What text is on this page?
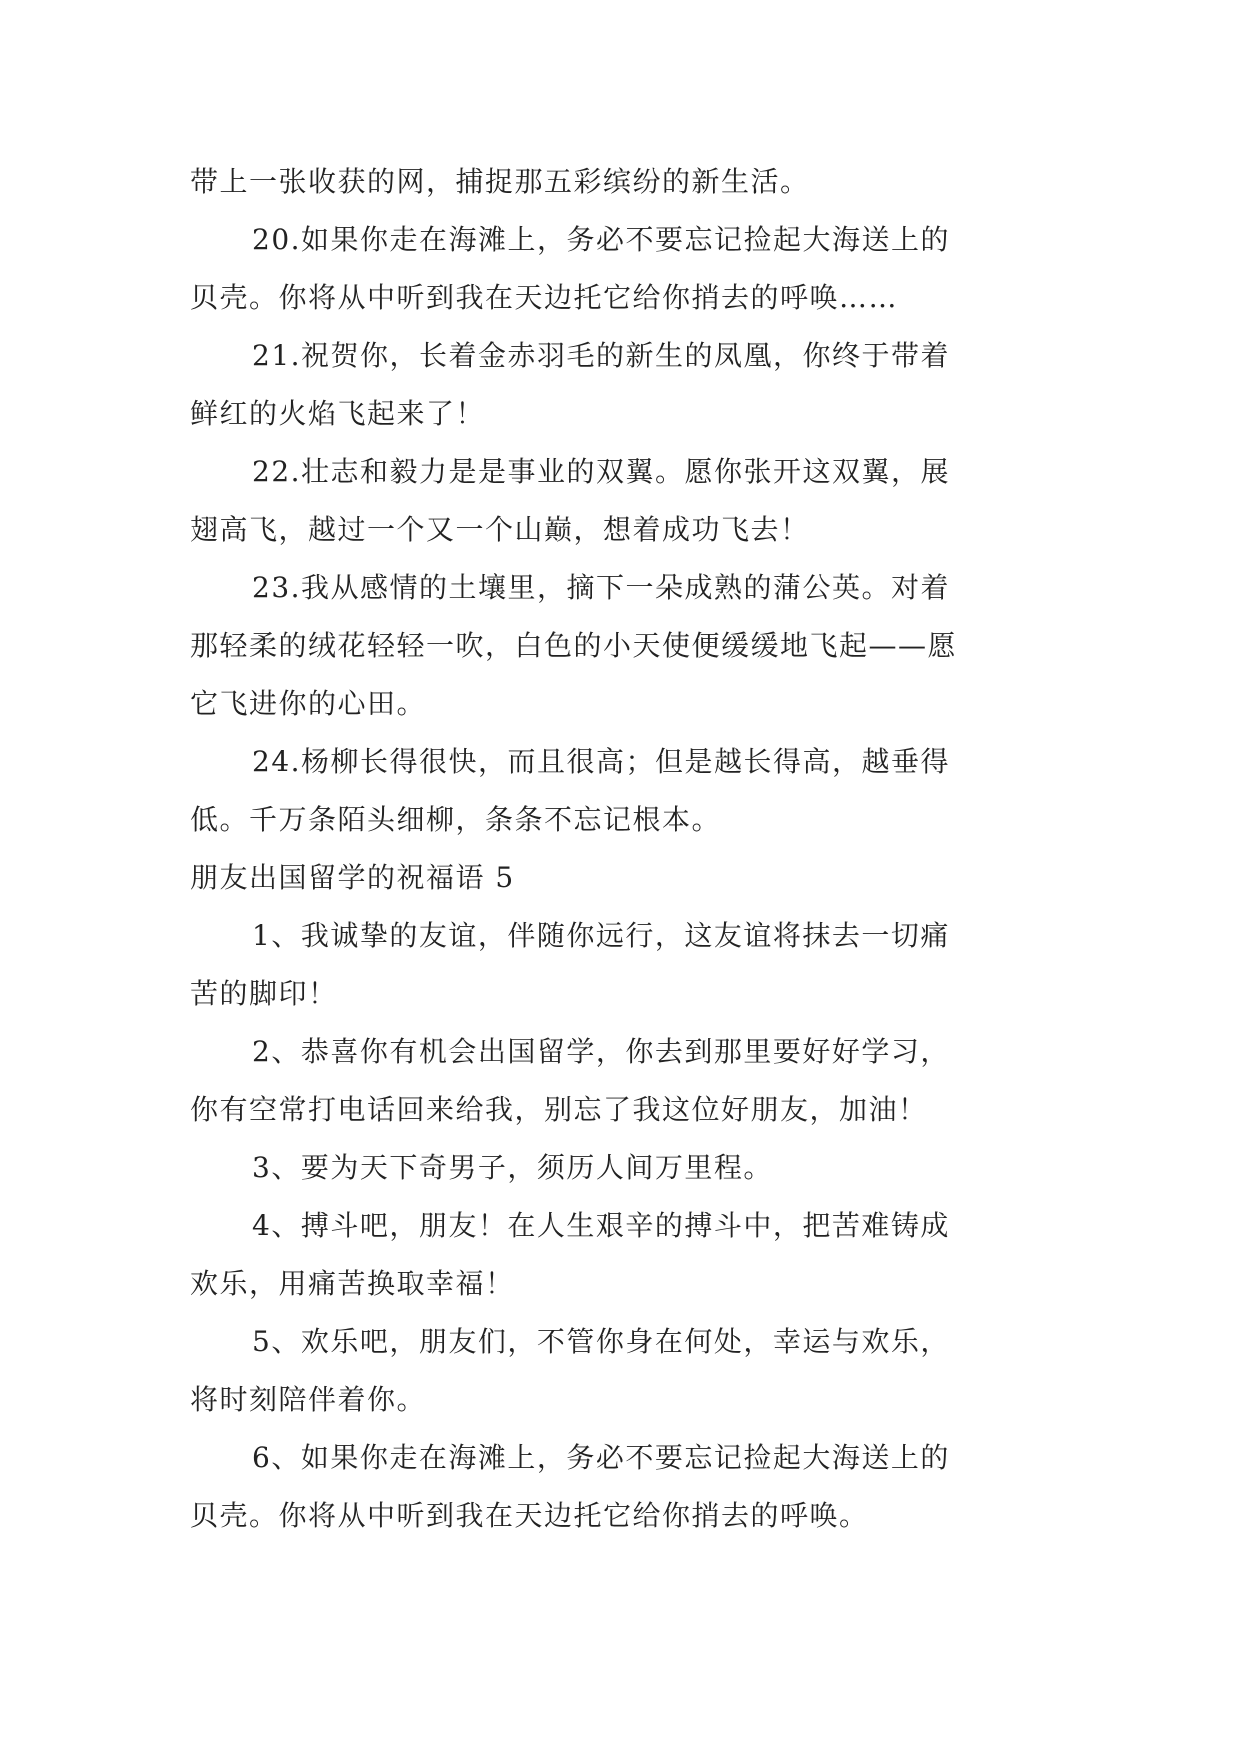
带上一张收获的网，捕捉那五彩缤纷的新生活。
20.如果你走在海滩上，务必不要忘记捡起大海送上的
贝壳。你将从中听到我在天边托它给你捎去的呼唤……
21.祝贺你，长着金赤羽毛的新生的凤凰，你终于带着
鲜红的火焰飞起来了！
22.壮志和毅力是是事业的双翼。愿你张开这双翼，展
翅高飞，越过一个又一个山巅，想着成功飞去！
23.我从感情的土壤里，摘下一朵成熟的蒲公英。对着
那轻柔的绒花轻轻一吹，白色的小天使便缓缓地飞起——愿
它飞进你的心田。
24.杨柳长得很快，而且很高；但是越长得高，越垂得
低。千万条陌头细柳，条条不忘记根本。
朋友出国留学的祝福语 5
1、我诚挚的友谊，伴随你远行，这友谊将抹去一切痛
苦的脚印！
2、恭喜你有机会出国留学，你去到那里要好好学习，
你有空常打电话回来给我，别忘了我这位好朋友，加油！
3、要为天下奇男子，须历人间万里程。
4、搏斗吧，朋友！在人生艰辛的搏斗中，把苦难铸成
欢乐，用痛苦换取幸福！
5、欢乐吧，朋友们，不管你身在何处，幸运与欢乐，
将时刻陪伴着你。
6、如果你走在海滩上，务必不要忘记捡起大海送上的
贝壳。你将从中听到我在天边托它给你捎去的呼唤。
